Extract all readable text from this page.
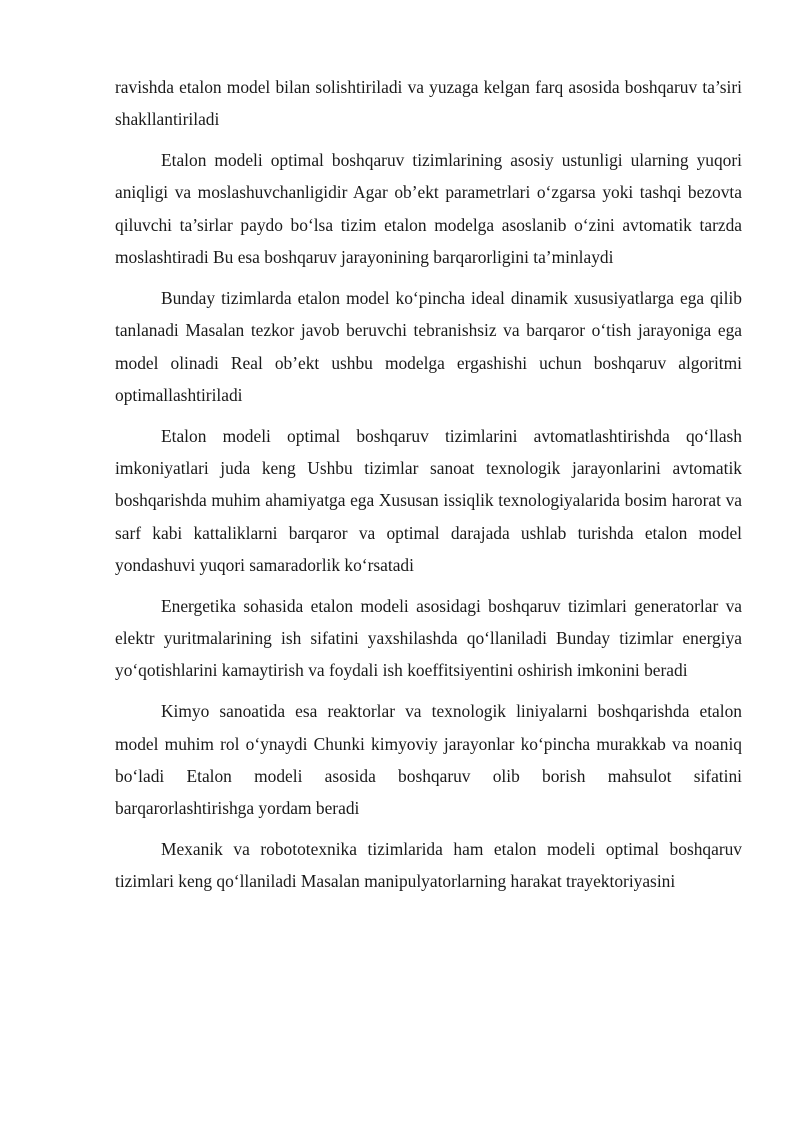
ravishda etalon model bilan solishtiriladi va yuzaga kelgan farq asosida boshqaruv ta’siri shakllantiriladi

Etalon modeli optimal boshqaruv tizimlarining asosiy ustunligi ularning yuqori aniqligi va moslashuvchanligidir Agar ob’ekt parametrlari o‘zgarsa yoki tashqi bezovta qiluvchi ta’sirlar paydo bo‘lsa tizim etalon modelga asoslanib o‘zini avtomatik tarzda moslashtiradi Bu esa boshqaruv jarayonining barqarorligini ta’minlaydi

Bunday tizimlarda etalon model ko‘pincha ideal dinamik xususiyatlarga ega qilib tanlanadi Masalan tezkor javob beruvchi tebranishsiz va barqaror o‘tish jarayoniga ega model olinadi Real ob’ekt ushbu modelga ergashishi uchun boshqaruv algoritmi optimallashtiriladi

Etalon modeli optimal boshqaruv tizimlarini avtomatlashtirishda qo‘llash imkoniyatlari juda keng Ushbu tizimlar sanoat texnologik jarayonlarini avtomatik boshqarishda muhim ahamiyatga ega Xususan issiqlik texnologiyalarida bosim harorat va sarf kabi kattaliklarni barqaror va optimal darajada ushlab turishda etalon model yondashuvi yuqori samaradorlik ko‘rsatadi

Energetika sohasida etalon modeli asosidagi boshqaruv tizimlari generatorlar va elektr yuritmalarining ish sifatini yaxshilashda qo‘llaniladi Bunday tizimlar energiya yo‘qotishlarini kamaytirish va foydali ish koeffitsiyentini oshirish imkonini beradi

Kimyo sanoatida esa reaktorlar va texnologik liniyalarni boshqarishda etalon model muhim rol o‘ynaydi Chunki kimyoviy jarayonlar ko‘pincha murakkab va noaniq bo‘ladi Etalon modeli asosida boshqaruv olib borish mahsulot sifatini barqarorlashtirishga yordam beradi

Mexanik va robototexnika tizimlarida ham etalon modeli optimal boshqaruv tizimlari keng qo‘llaniladi Masalan manipulyatorlarning harakat trayektoriyasini
